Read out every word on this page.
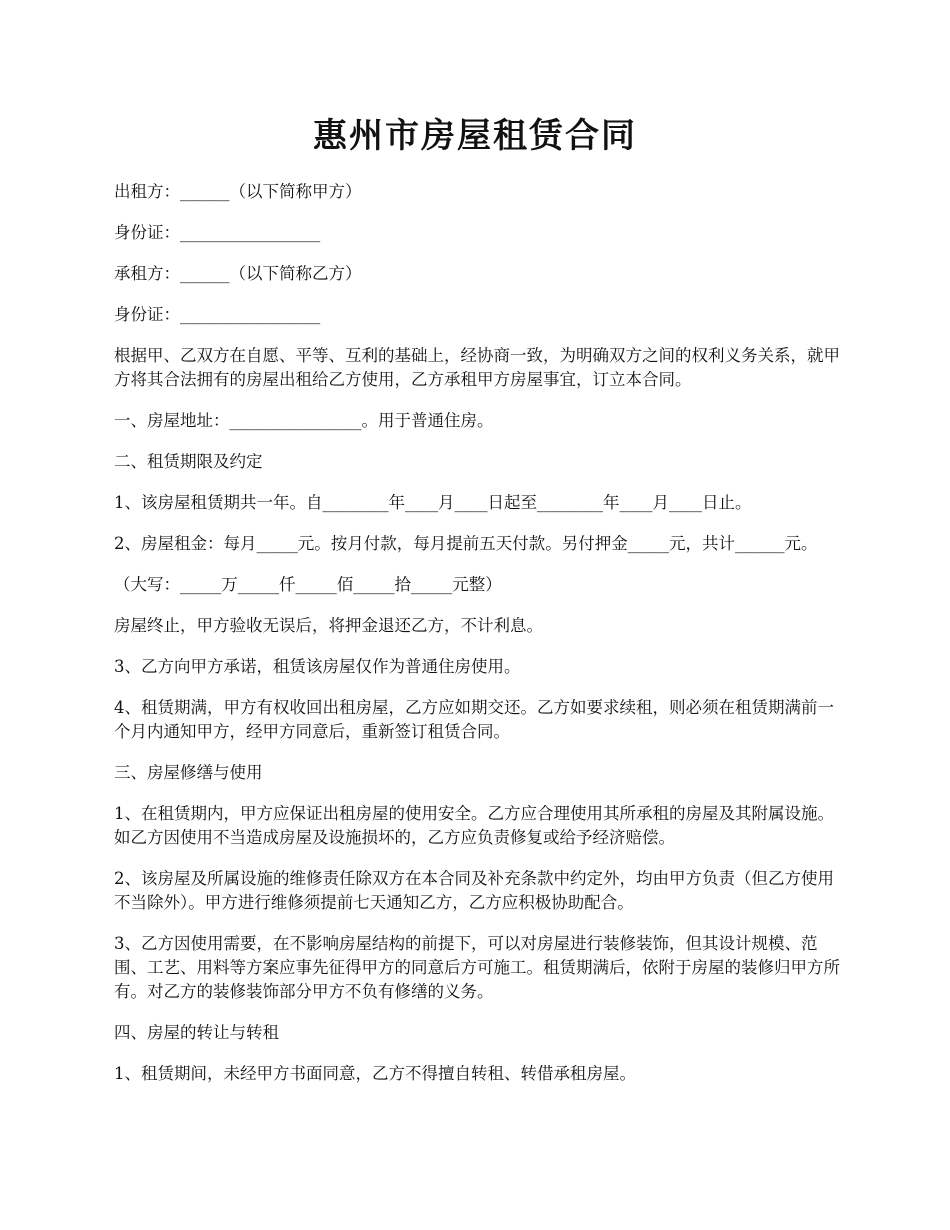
惠州市房屋租赁合同

出租方：______（以下简称甲方）

身份证：_________________

承租方：______（以下简称乙方）

身份证：_________________

根据甲、乙双方在自愿、平等、互利的基础上，经协商一致，为明确双方之间的权利义务关系，就甲方将其合法拥有的房屋出租给乙方使用，乙方承租甲方房屋事宜，订立本合同。

一、房屋地址：________________。用于普通住房。

二、租赁期限及约定

1、该房屋租赁期共一年。自________年____月____日起至________年____月____日止。

2、房屋租金：每月_____元。按月付款，每月提前五天付款。另付押金_____元，共计______元。

（大写：_____万_____仟_____佰_____拾_____元整）

房屋终止，甲方验收无误后，将押金退还乙方，不计利息。

3、乙方向甲方承诺，租赁该房屋仅作为普通住房使用。

4、租赁期满，甲方有权收回出租房屋，乙方应如期交还。乙方如要求续租，则必须在租赁期满前一个月内通知甲方，经甲方同意后，重新签订租赁合同。

三、房屋修缮与使用

1、在租赁期内，甲方应保证出租房屋的使用安全。乙方应合理使用其所承租的房屋及其附属设施。如乙方因使用不当造成房屋及设施损坏的，乙方应负责修复或给予经济赔偿。

2、该房屋及所属设施的维修责任除双方在本合同及补充条款中约定外，均由甲方负责（但乙方使用不当除外）。甲方进行维修须提前七天通知乙方，乙方应积极协助配合。

3、乙方因使用需要，在不影响房屋结构的前提下，可以对房屋进行装修装饰，但其设计规模、范围、工艺、用料等方案应事先征得甲方的同意后方可施工。租赁期满后，依附于房屋的装修归甲方所有。对乙方的装修装饰部分甲方不负有修缮的义务。

四、房屋的转让与转租

1、租赁期间，未经甲方书面同意，乙方不得擅自转租、转借承租房屋。
